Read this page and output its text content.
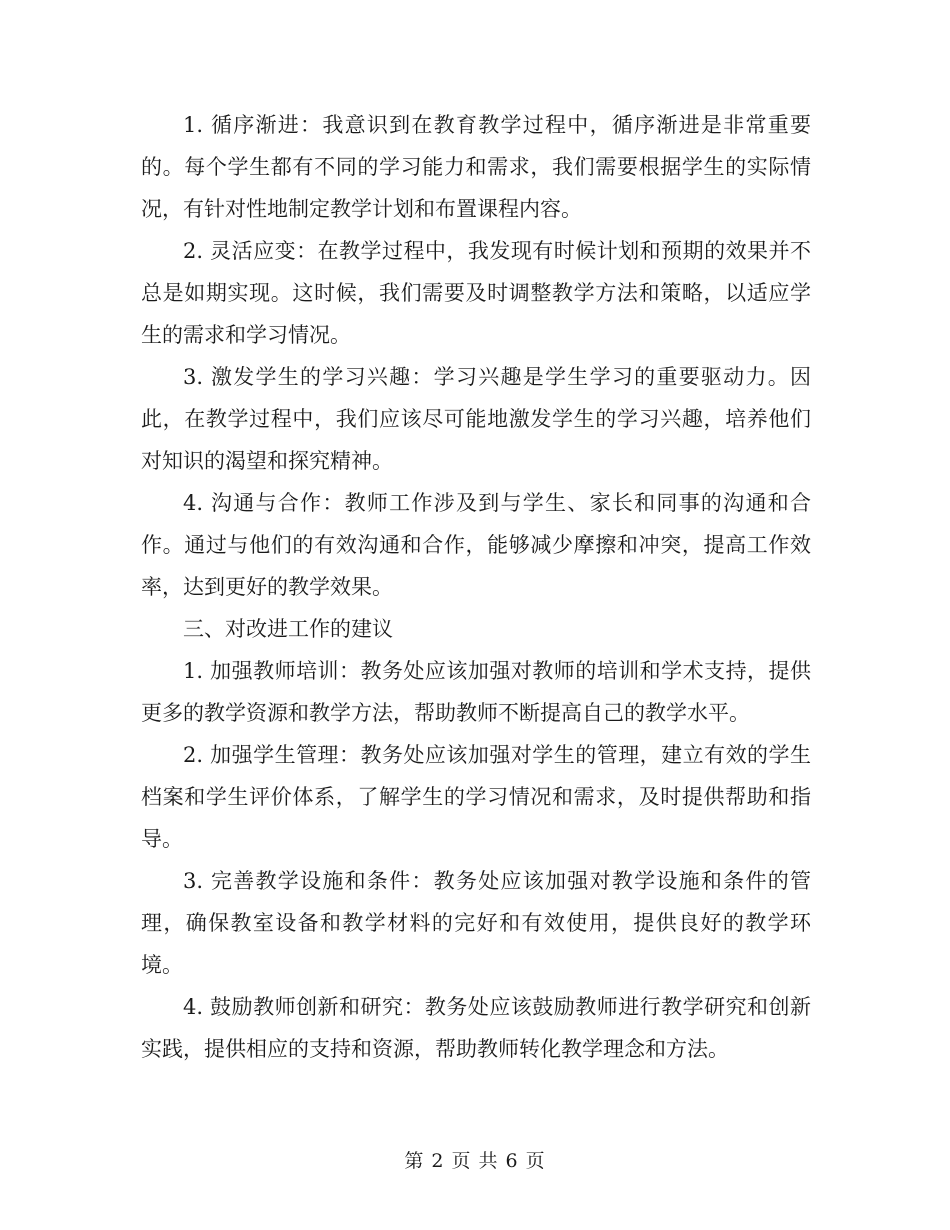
1. 循序渐进：我意识到在教育教学过程中，循序渐进是非常重要的。每个学生都有不同的学习能力和需求，我们需要根据学生的实际情况，有针对性地制定教学计划和布置课程内容。

2. 灵活应变：在教学过程中，我发现有时候计划和预期的效果并不总是如期实现。这时候，我们需要及时调整教学方法和策略，以适应学生的需求和学习情况。

3. 激发学生的学习兴趣：学习兴趣是学生学习的重要驱动力。因此，在教学过程中，我们应该尽可能地激发学生的学习兴趣，培养他们对知识的渴望和探究精神。

4. 沟通与合作：教师工作涉及到与学生、家长和同事的沟通和合作。通过与他们的有效沟通和合作，能够减少摩擦和冲突，提高工作效率，达到更好的教学效果。

三、对改进工作的建议

1. 加强教师培训：教务处应该加强对教师的培训和学术支持，提供更多的教学资源和教学方法，帮助教师不断提高自己的教学水平。

2. 加强学生管理：教务处应该加强对学生的管理，建立有效的学生档案和学生评价体系，了解学生的学习情况和需求，及时提供帮助和指导。

3. 完善教学设施和条件：教务处应该加强对教学设施和条件的管理，确保教室设备和教学材料的完好和有效使用，提供良好的教学环境。

4. 鼓励教师创新和研究：教务处应该鼓励教师进行教学研究和创新实践，提供相应的支持和资源，帮助教师转化教学理念和方法。

第 2 页 共 6 页
